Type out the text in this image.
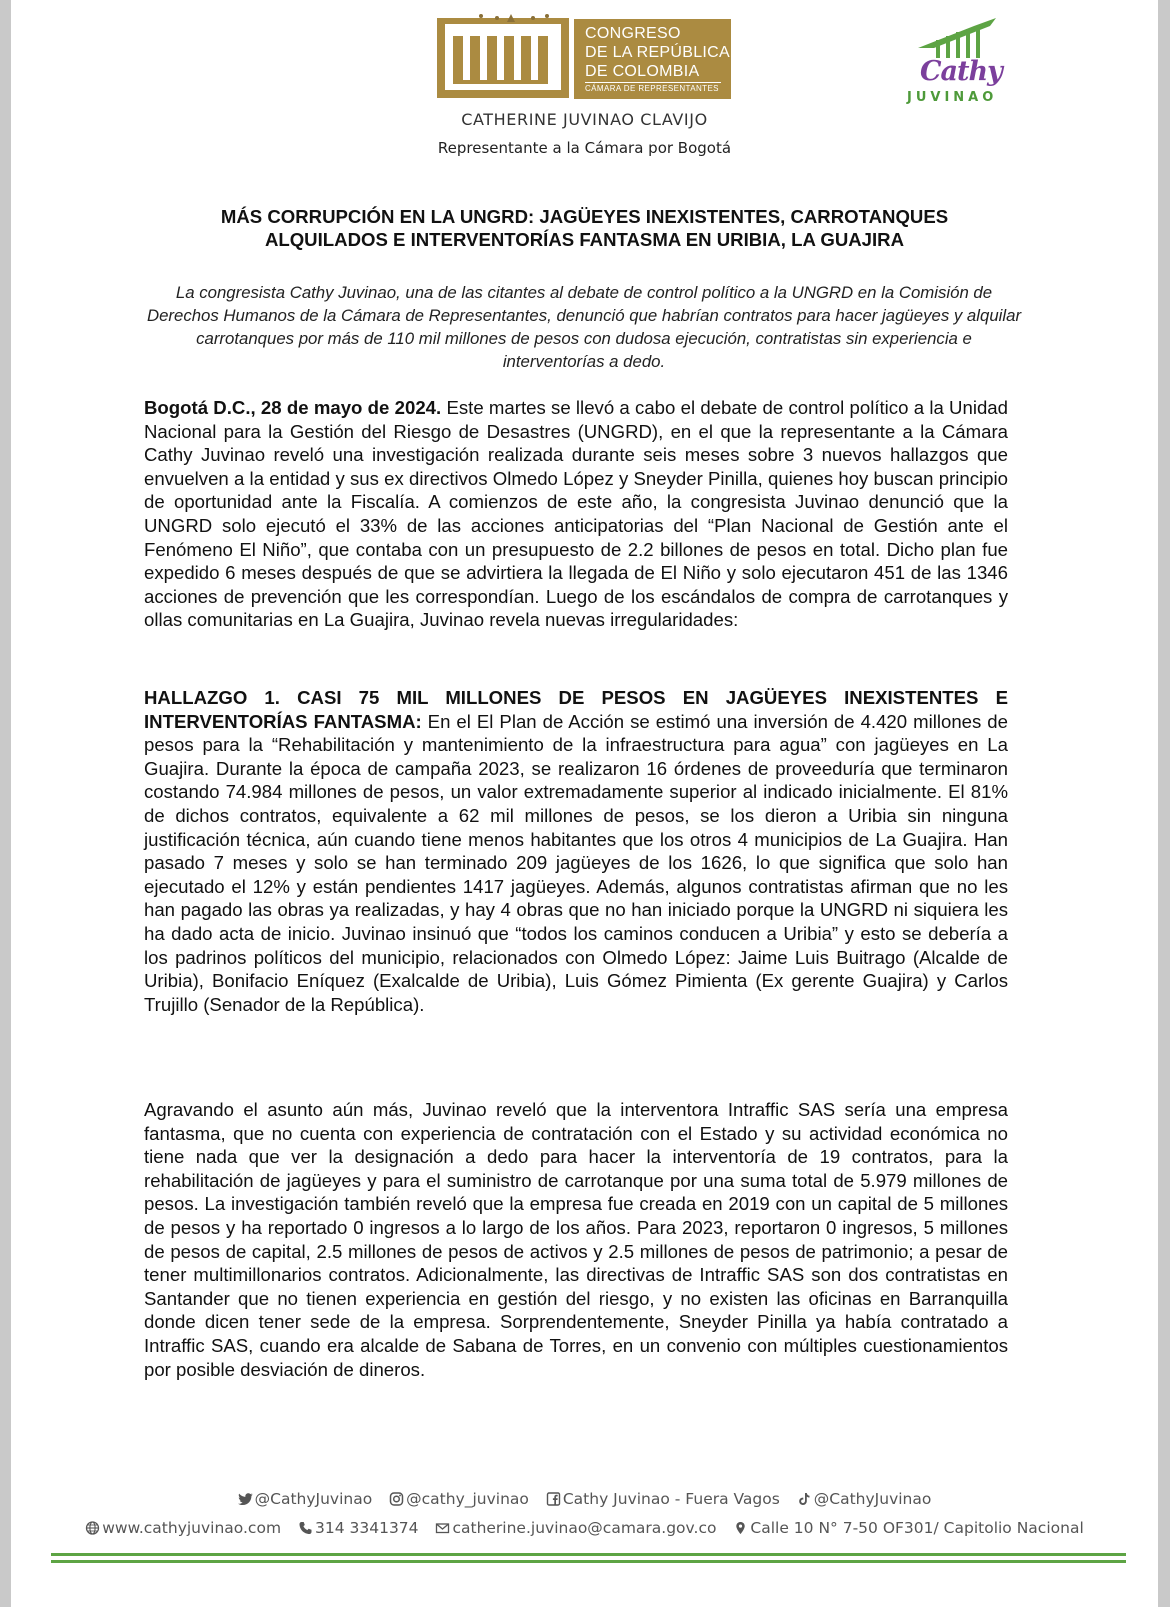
CONGRESO
DE LA REPÚBLICA
DE COLOMBIA
CÁMARA DE REPRESENTANTES
CATHERINE JUVINAO CLAVIJO
Representante a la Cámara por Bogotá
Cathy
JUVINAO
MÁS CORRUPCIÓN EN LA UNGRD: JAGÜEYES INEXISTENTES, CARROTANQUES
ALQUILADOS E INTERVENTORÍAS FANTASMA EN URIBIA, LA GUAJIRA
La congresista Cathy Juvinao, una de las citantes al debate de control político a la UNGRD en la Comisión de Derechos Humanos de la Cámara de Representantes, denunció que habrían contratos para hacer jagüeyes y alquilar carrotanques por más de 110 mil millones de pesos con dudosa ejecución, contratistas sin experiencia e interventorías a dedo.
Bogotá D.C., 28 de mayo de 2024. Este martes se llevó a cabo el debate de control político a la Unidad Nacional para la Gestión del Riesgo de Desastres (UNGRD), en el que la representante a la Cámara Cathy Juvinao reveló una investigación realizada durante seis meses sobre 3 nuevos hallazgos que envuelven a la entidad y sus ex directivos Olmedo López y Sneyder Pinilla, quienes hoy buscan principio de oportunidad ante la Fiscalía. A comienzos de este año, la congresista Juvinao denunció que la UNGRD solo ejecutó el 33% de las acciones anticipatorias del “Plan Nacional de Gestión ante el Fenómeno El Niño”, que contaba con un presupuesto de 2.2 billones de pesos en total. Dicho plan fue expedido 6 meses después de que se advirtiera la llegada de El Niño y solo ejecutaron 451 de las 1346 acciones de prevención que les correspondían. Luego de los escándalos de compra de carrotanques y ollas comunitarias en La Guajira, Juvinao revela nuevas irregularidades:
HALLAZGO 1. CASI 75 MIL MILLONES DE PESOS EN JAGÜEYES INEXISTENTES E INTERVENTORÍAS FANTASMA: En el El Plan de Acción se estimó una inversión de 4.420 millones de pesos para la “Rehabilitación y mantenimiento de la infraestructura para agua” con jagüeyes en La Guajira. Durante la época de campaña 2023, se realizaron 16 órdenes de proveeduría que terminaron costando 74.984 millones de pesos, un valor extremadamente superior al indicado inicialmente. El 81% de dichos contratos, equivalente a 62 mil millones de pesos, se los dieron a Uribia sin ninguna justificación técnica, aún cuando tiene menos habitantes que los otros 4 municipios de La Guajira. Han pasado 7 meses y solo se han terminado 209 jagüeyes de los 1626, lo que significa que solo han ejecutado el 12% y están pendientes 1417 jagüeyes. Además, algunos contratistas afirman que no les han pagado las obras ya realizadas, y hay 4 obras que no han iniciado porque la UNGRD ni siquiera les ha dado acta de inicio. Juvinao insinuó que “todos los caminos conducen a Uribia” y esto se debería a los padrinos políticos del municipio, relacionados con Olmedo López: Jaime Luis Buitrago (Alcalde de Uribia), Bonifacio Eníquez (Exalcalde de Uribia), Luis Gómez Pimienta (Ex gerente Guajira) y Carlos Trujillo (Senador de la República).
Agravando el asunto aún más, Juvinao reveló que la interventora Intraffic SAS sería una empresa fantasma, que no cuenta con experiencia de contratación con el Estado y su actividad económica no tiene nada que ver la designación a dedo para hacer la interventoría de 19 contratos, para la rehabilitación de jagüeyes y para el suministro de carrotanque por una suma total de 5.979 millones de pesos. La investigación también reveló que la empresa fue creada en 2019 con un capital de 5 millones de pesos y ha reportado 0 ingresos a lo largo de los años. Para 2023, reportaron 0 ingresos, 5 millones de pesos de capital, 2.5 millones de pesos de activos y 2.5 millones de pesos de patrimonio; a pesar de tener multimillonarios contratos. Adicionalmente, las directivas de Intraffic SAS son dos contratistas en Santander que no tienen experiencia en gestión del riesgo, y no existen las oficinas en Barranquilla donde dicen tener sede de la empresa. Sorprendentemente, Sneyder Pinilla ya había contratado a Intraffic SAS, cuando era alcalde de Sabana de Torres, en un convenio con múltiples cuestionamientos por posible desviación de dineros.
@CathyJuvinao @cathy_juvinao Cathy Juvinao - Fuera Vagos @CathyJuvinao
www.cathyjuvinao.com 314 3341374 catherine.juvinao@camara.gov.co Calle 10 N° 7-50 OF301/ Capitolio Nacional
